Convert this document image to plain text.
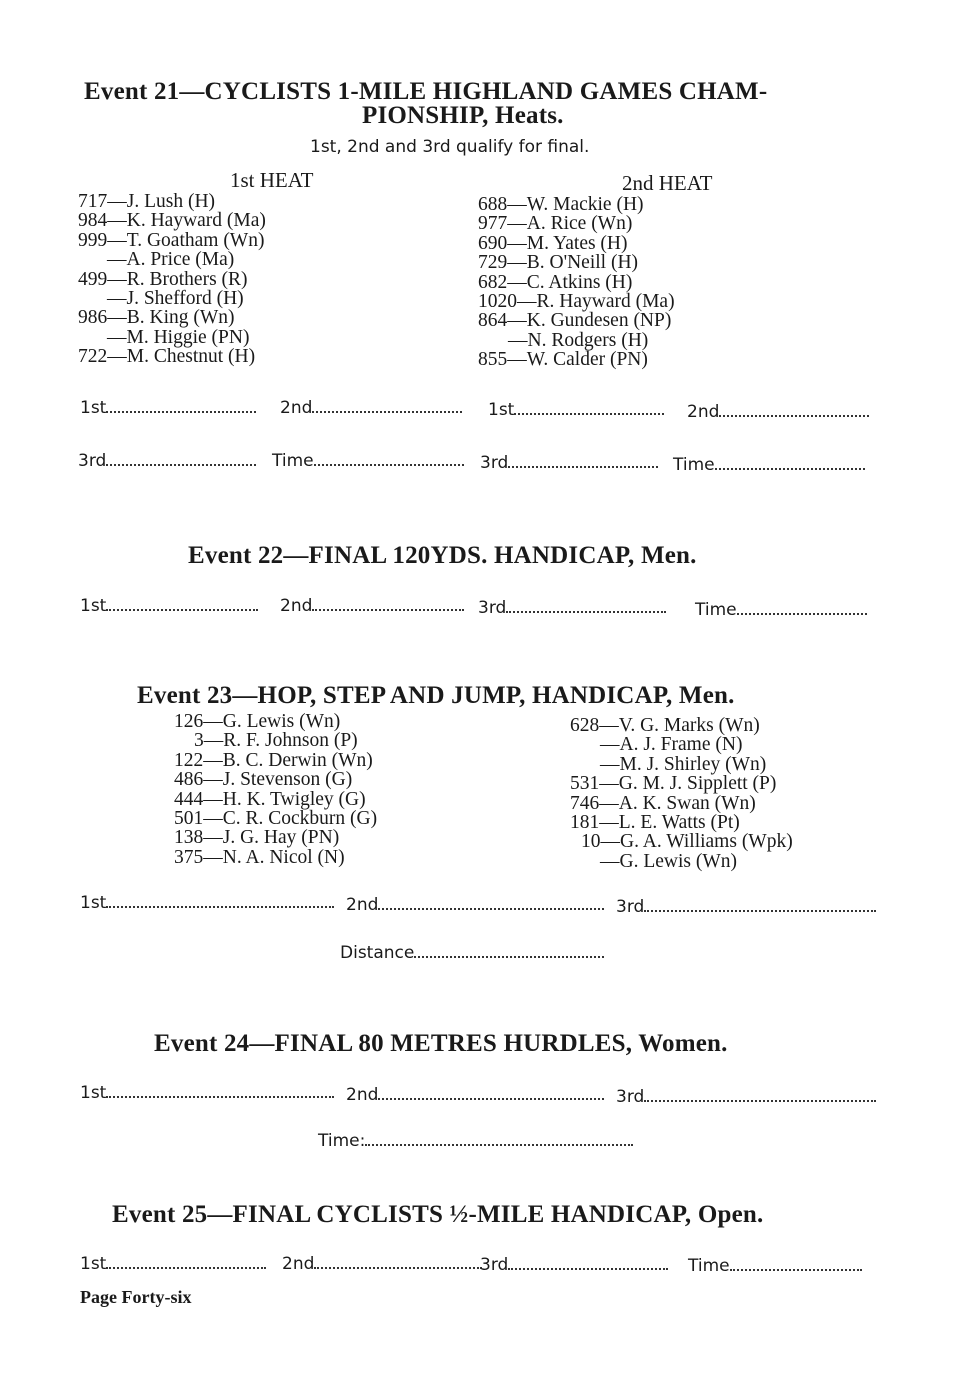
Event 21—CYCLISTS 1-MILE HIGHLAND GAMES CHAM-
PIONSHIP, Heats.
1st, 2nd and 3rd qualify for final.
1st HEAT	2nd HEAT
717—J. Lush (H)
984—K. Hayward (Ma)
999—T. Goatham (Wn)
—A. Price (Ma)
499—R. Brothers (R)
—J. Shefford (H)
986—B. King (Wn)
—M. Higgie (PN)
722—M. Chestnut (H)
688—W. Mackie (H)
977—A. Rice (Wn)
690—M. Yates (H)
729—B. O'Neill (H)
682—C. Atkins (H)
1020—R. Hayward (Ma)
864—K. Gundesen (NP)
—N. Rodgers (H)
855—W. Calder (PN)
1st	2nd	1st	2nd
3rd	Time	3rd	Time
Event 22—FINAL 120YDS. HANDICAP, Men.
1st	2nd	3rd	Time
Event 23—HOP, STEP AND JUMP, HANDICAP, Men.
126—G. Lewis (Wn)
3—R. F. Johnson (P)
122—B. C. Derwin (Wn)
486—J. Stevenson (G)
444—H. K. Twigley (G)
501—C. R. Cockburn (G)
138—J. G. Hay (PN)
375—N. A. Nicol (N)
628—V. G. Marks (Wn)
—A. J. Frame (N)
—M. J. Shirley (Wn)
531—G. M. J. Sipplett (P)
746—A. K. Swan (Wn)
181—L. E. Watts (Pt)
10—G. A. Williams (Wpk)
—G. Lewis (Wn)
1st	2nd	3rd
Distance
Event 24—FINAL 80 METRES HURDLES, Women.
1st	2nd	3rd
Time:
Event 25—FINAL CYCLISTS ½-MILE HANDICAP, Open.
1st	2nd	3rd	Time
Page Forty-six
